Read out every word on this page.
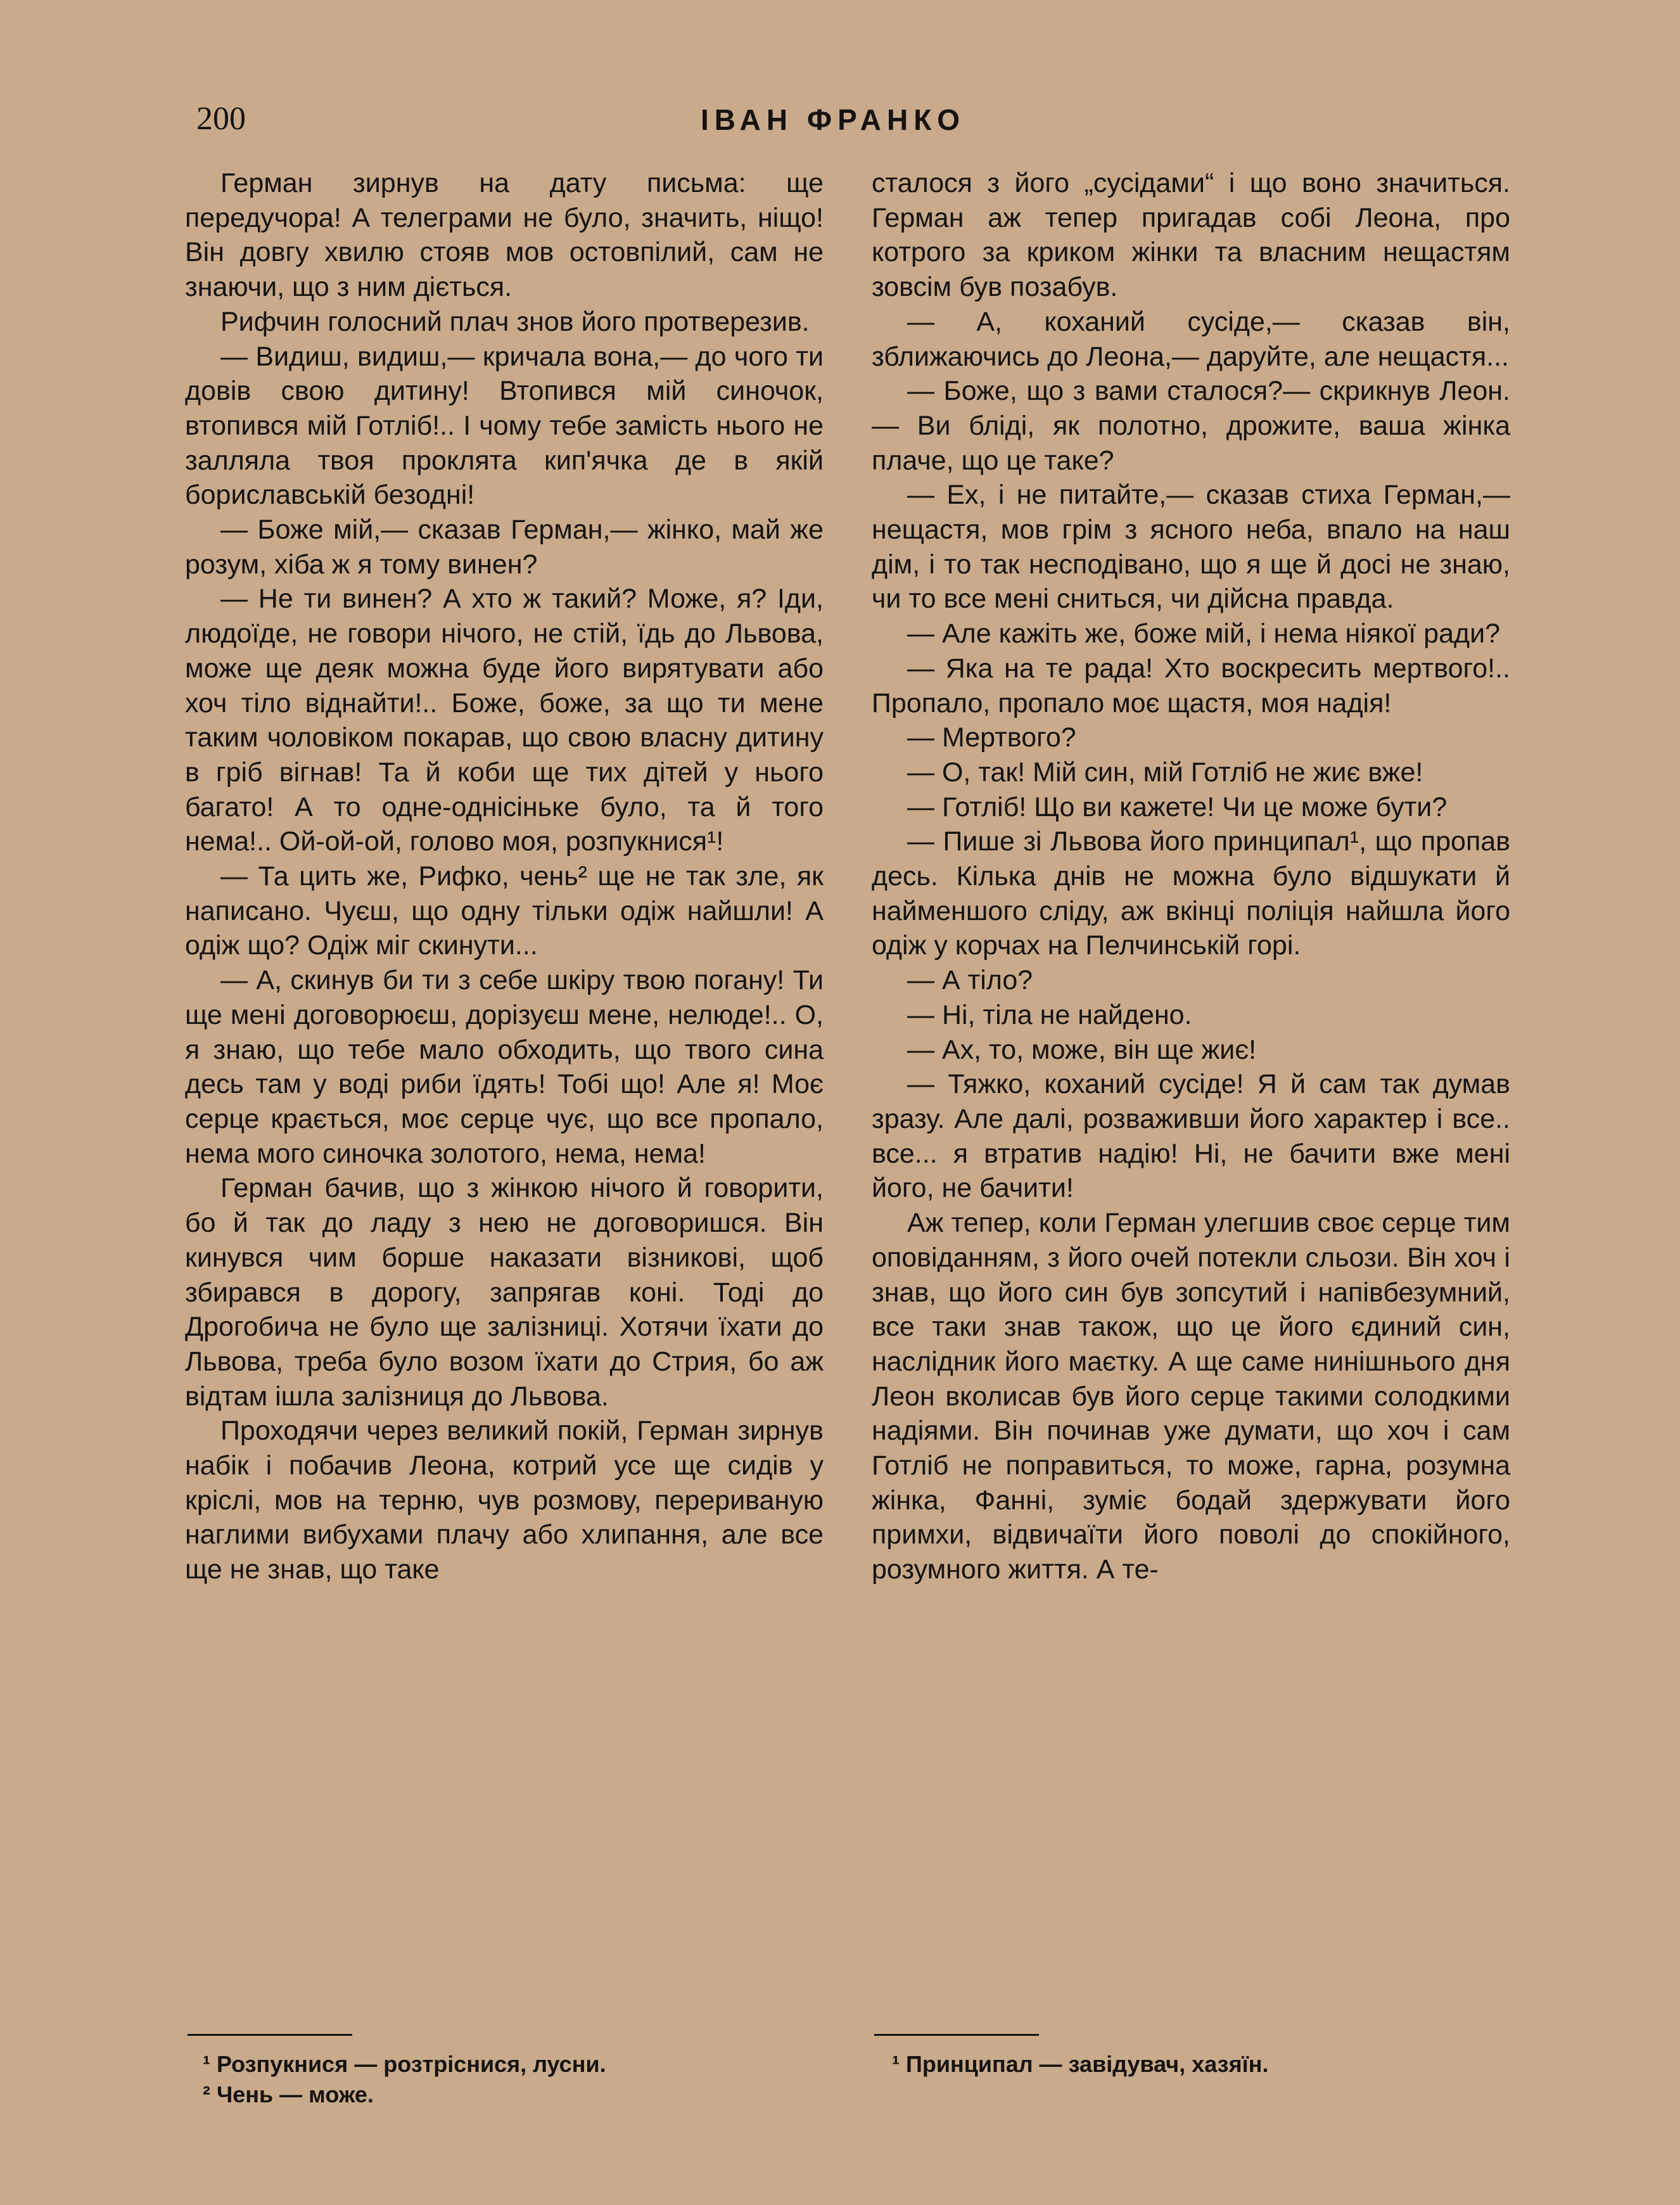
200	ІВАН ФРАНКО

Герман зирнув на дату письма: ще передучора! А телеграми не було, значить, ніщо! Він довгу хвилю стояв мов остовпілий, сам не знаючи, що з ним діється.

Рифчин голосний плач знов його протверезив.

— Видиш, видиш,— кричала вона,— до чого ти довів свою дитину! Втопився мій синочок, втопився мій Готліб!.. І чому тебе замість нього не залляла твоя проклята кип'ячка де в якій бориславській безодні!

— Боже мій,— сказав Герман,— жінко, май же розум, хіба ж я тому винен?

— Не ти винен? А хто ж такий? Може, я? Іди, людоїде, не говори нічого, не стій, їдь до Львова, може ще деяк можна буде його вирятувати або хоч тіло віднайти!.. Боже, боже, за що ти мене таким чоловіком покарав, що свою власну дитину в гріб вігнав! Та й коби ще тих дітей у нього багато! А то одне-однісіньке було, та й того нема!.. Ой-ой-ой, голово моя, розпукнися¹!

— Та цить же, Рифко, чень² ще не так зле, як написано. Чуєш, що одну тільки одіж найшли! А одіж що? Одіж міг скинути...

— А, скинув би ти з себе шкіру твою погану! Ти ще мені договорюєш, дорізуєш мене, нелюде!.. О, я знаю, що тебе мало обходить, що твого сина десь там у воді риби їдять! Тобі що! Але я! Моє серце крається, моє серце чує, що все пропало, нема мого синочка золотого, нема, нема!

Герман бачив, що з жінкою нічого й говорити, бо й так до ладу з нею не договоришся. Він кинувся чим борше наказати візникові, щоб збирався в дорогу, запрягав коні. Тоді до Дрогобича не було ще залізниці. Хотячи їхати до Львова, треба було возом їхати до Стрия, бо аж відтам ішла залізниця до Львова.

Проходячи через великий покій, Герман зирнув набік і побачив Леона, котрий усе ще сидів у кріслі, мов на терню, чув розмову, перериваную наглими вибухами плачу або хлипання, але все ще не знав, що таке

сталося з його „сусідами“ і що воно значиться. Герман аж тепер пригадав собі Леона, про котрого за криком жінки та власним нещастям зовсім був позабув.

— А, коханий сусіде,— сказав він, зближаючись до Леона,— даруйте, але нещастя...

— Боже, що з вами сталося?— скрикнув Леон.— Ви бліді, як полотно, дрожите, ваша жінка плаче, що це таке?

— Ех, і не питайте,— сказав стиха Герман,— нещастя, мов грім з ясного неба, впало на наш дім, і то так несподівано, що я ще й досі не знаю, чи то все мені сниться, чи дійсна правда.

— Але кажіть же, боже мій, і нема ніякої ради?

— Яка на те рада! Хто воскресить мертвого!.. Пропало, пропало моє щастя, моя надія!

— Мертвого?

— О, так! Мій син, мій Готліб не жиє вже!

— Готліб! Що ви кажете! Чи це може бути?

— Пише зі Львова його принципал¹, що пропав десь. Кілька днів не можна було відшукати й найменшого сліду, аж вкінці поліція найшла його одіж у корчах на Пелчинській горі.

— А тіло?

— Ні, тіла не найдено.

— Ах, то, може, він ще жиє!

— Тяжко, коханий сусіде! Я й сам так думав зразу. Але далі, розваживши його характер і все.. все... я втратив надію! Ні, не бачити вже мені його, не бачити!

Аж тепер, коли Герман улегшив своє серце тим оповіданням, з його очей потекли сльози. Він хоч і знав, що його син був зопсутий і напівбезумний, все таки знав також, що це його єдиний син, наслідник його маєтку. А ще саме нинішнього дня Леон вколисав був його серце такими солодкими надіями. Він починав уже думати, що хоч і сам Готліб не поправиться, то може, гарна, розумна жінка, Фанні, зуміє бодай здержувати його примхи, відвичаїти його поволі до спокійного, розумного життя. А те-

¹ Розпукнися — розтріснися, лусни.

² Чень — може.

¹ Принципал — завідувач, хазяїн.
